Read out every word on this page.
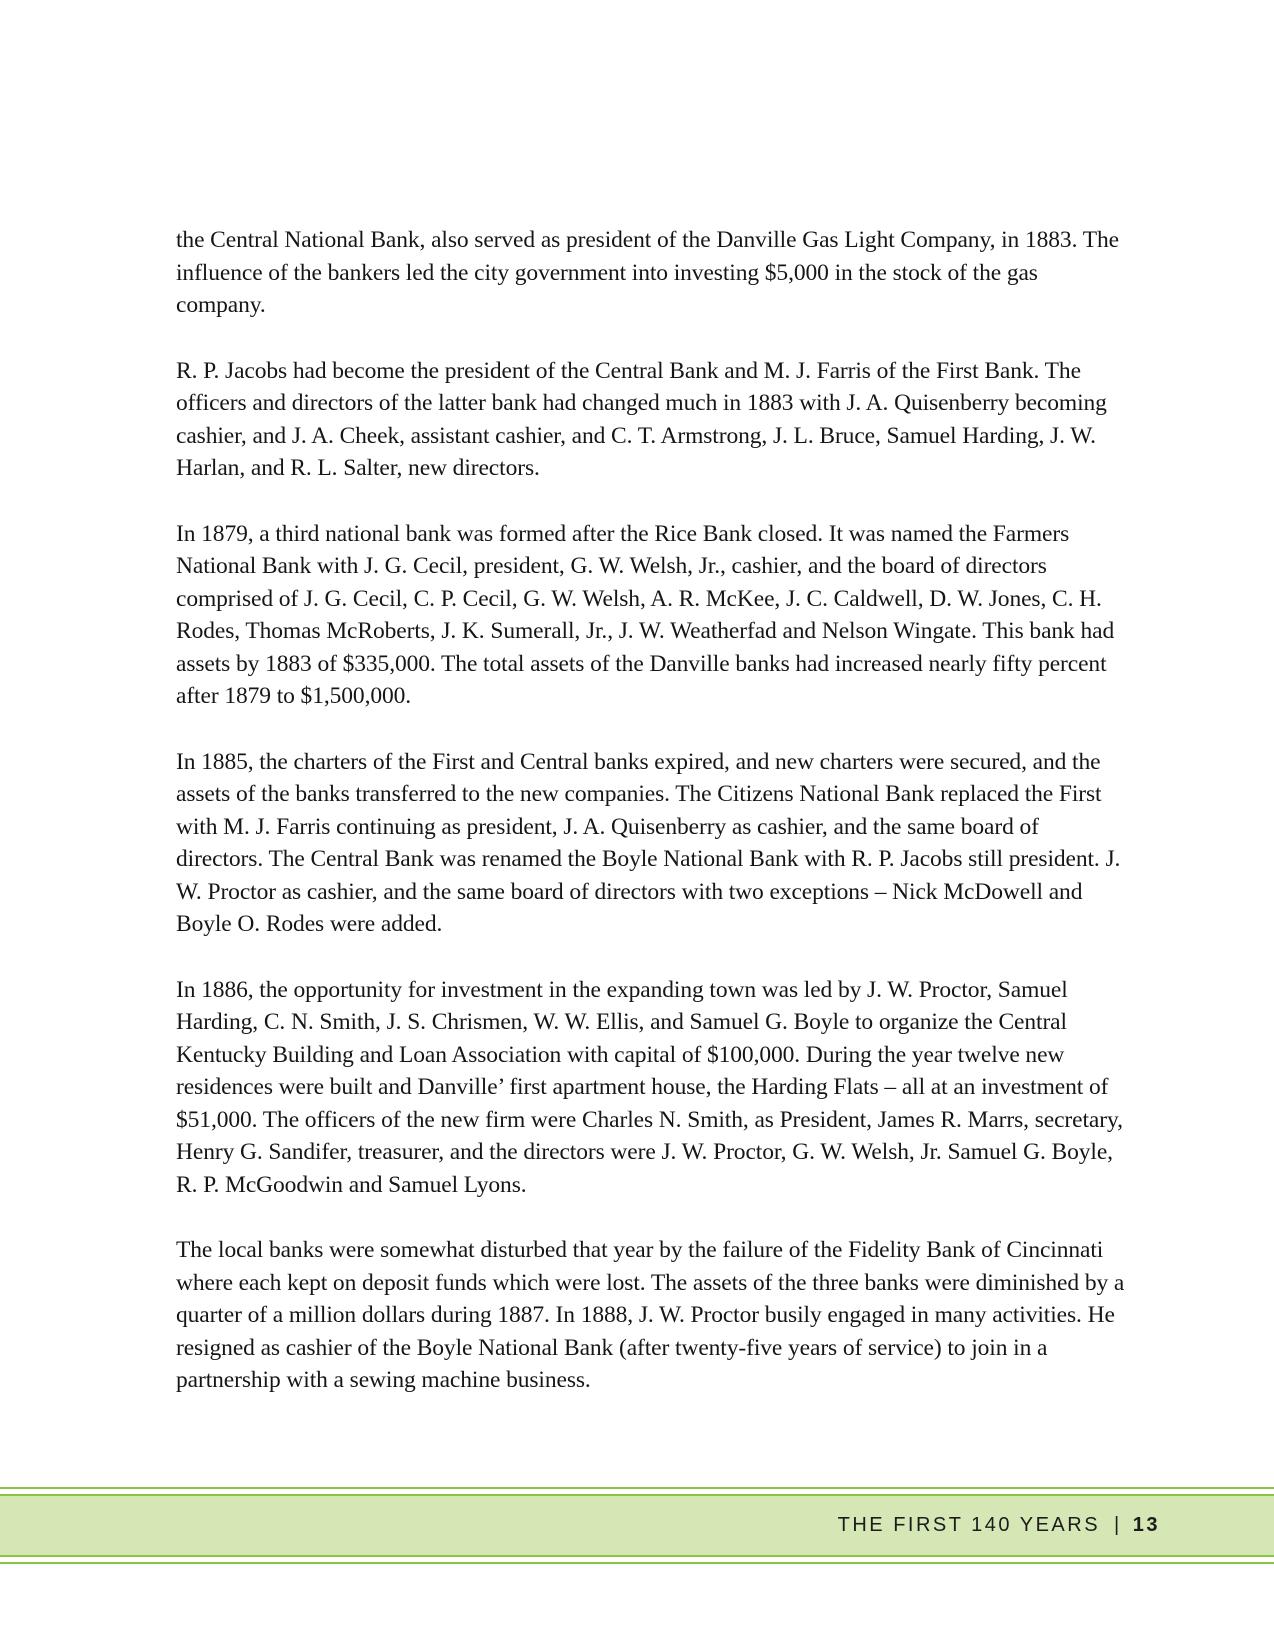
the Central National Bank, also served as president of the Danville Gas Light Company, in 1883. The influence of the bankers led the city government into investing $5,000 in the stock of the gas company.

R. P. Jacobs had become the president of the Central Bank and M. J. Farris of the First Bank. The officers and directors of the latter bank had changed much in 1883 with J. A. Quisenberry becoming cashier, and J. A. Cheek, assistant cashier, and C. T. Armstrong, J. L. Bruce, Samuel Harding, J. W. Harlan, and R. L. Salter, new directors.

In 1879, a third national bank was formed after the Rice Bank closed. It was named the Farmers National Bank with J. G. Cecil, president, G. W. Welsh, Jr., cashier, and the board of directors comprised of J. G. Cecil, C. P. Cecil, G. W. Welsh, A. R. McKee, J. C. Caldwell, D. W. Jones, C. H. Rodes, Thomas McRoberts, J. K. Sumerall, Jr., J. W. Weatherfad and Nelson Wingate. This bank had assets by 1883 of $335,000. The total assets of the Danville banks had increased nearly fifty percent after 1879 to $1,500,000.

In 1885, the charters of the First and Central banks expired, and new charters were secured, and the assets of the banks transferred to the new companies. The Citizens National Bank replaced the First with M. J. Farris continuing as president, J. A. Quisenberry as cashier, and the same board of directors. The Central Bank was renamed the Boyle National Bank with R. P. Jacobs still president. J. W. Proctor as cashier, and the same board of directors with two exceptions – Nick McDowell and Boyle O. Rodes were added.

In 1886, the opportunity for investment in the expanding town was led by J. W. Proctor, Samuel Harding, C. N. Smith, J. S. Chrismen, W. W. Ellis, and Samuel G. Boyle to organize the Central Kentucky Building and Loan Association with capital of $100,000. During the year twelve new residences were built and Danville’ first apartment house, the Harding Flats – all at an investment of $51,000. The officers of the new firm were Charles N. Smith, as President, James R. Marrs, secretary, Henry G. Sandifer, treasurer, and the directors were J. W. Proctor, G. W. Welsh, Jr. Samuel G. Boyle, R. P. McGoodwin and Samuel Lyons.

The local banks were somewhat disturbed that year by the failure of the Fidelity Bank of Cincinnati where each kept on deposit funds which were lost. The assets of the three banks were diminished by a quarter of a million dollars during 1887. In 1888, J. W. Proctor busily engaged in many activities. He resigned as cashier of the Boyle National Bank (after twenty-five years of service) to join in a partnership with a sewing machine business.

THE FIRST 140 YEARS | 13
